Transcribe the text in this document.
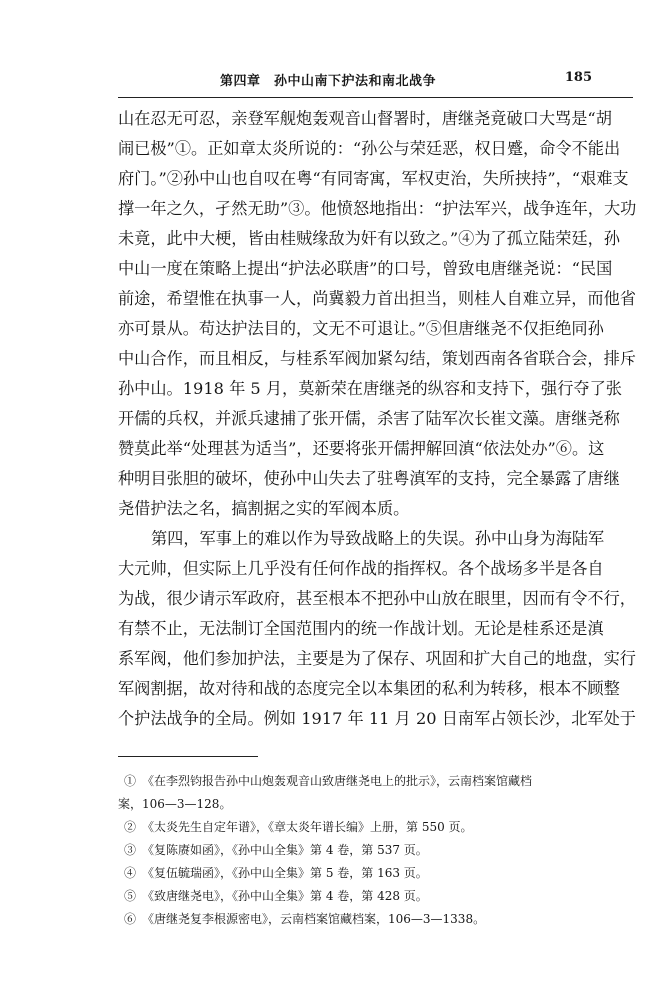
第四章　孙中山南下护法和南北战争	185
山在忍无可忍，亲登军舰炮轰观音山督署时，唐继尧竟破口大骂是“胡
闹已极”①。正如章太炎所说的：“孙公与荣廷恶，权日蹙，命令不能出
府门。”②孙中山也自叹在粤“有同寄寓，军权吏治，失所挟持”，“艰难支
撑一年之久，孑然无助”③。他愤怒地指出：“护法军兴，战争连年，大功
未竟，此中大梗，皆由桂贼缘敌为奸有以致之。”④为了孤立陆荣廷，孙
中山一度在策略上提出“护法必联唐”的口号，曾致电唐继尧说：“民国
前途，希望惟在执事一人，尚冀毅力首出担当，则桂人自难立异，而他省
亦可景从。苟达护法目的，文无不可退让。”⑤但唐继尧不仅拒绝同孙
中山合作，而且相反，与桂系军阀加紧勾结，策划西南各省联合会，排斥
孙中山。1918 年 5 月，莫新荣在唐继尧的纵容和支持下，强行夺了张
开儒的兵权，并派兵逮捕了张开儒，杀害了陆军次长崔文藻。唐继尧称
赞莫此举“处理甚为适当”，还要将张开儒押解回滇“依法处办”⑥。这
种明目张胆的破坏，使孙中山失去了驻粤滇军的支持，完全暴露了唐继
尧借护法之名，搞割据之实的军阀本质。
第四，军事上的难以作为导致战略上的失误。孙中山身为海陆军
大元帅，但实际上几乎没有任何作战的指挥权。各个战场多半是各自
为战，很少请示军政府，甚至根本不把孙中山放在眼里，因而有令不行，
有禁不止，无法制订全国范围内的统一作战计划。无论是桂系还是滇
系军阀，他们参加护法，主要是为了保存、巩固和扩大自己的地盘，实行
军阀割据，故对待和战的态度完全以本集团的私利为转移，根本不顾整
个护法战争的全局。例如 1917 年 11 月 20 日南军占领长沙，北军处于
①　《在李烈钧报告孙中山炮轰观音山致唐继尧电上的批示》，云南档案馆藏档
案，106—3—128。
②　《太炎先生自定年谱》，《章太炎年谱长编》上册，第 550 页。
③　《复陈赓如函》，《孙中山全集》第 4 卷，第 537 页。
④　《复伍毓瑞函》，《孙中山全集》第 5 卷，第 163 页。
⑤　《致唐继尧电》，《孙中山全集》第 4 卷，第 428 页。
⑥　《唐继尧复李根源密电》，云南档案馆藏档案，106—3—1338。
